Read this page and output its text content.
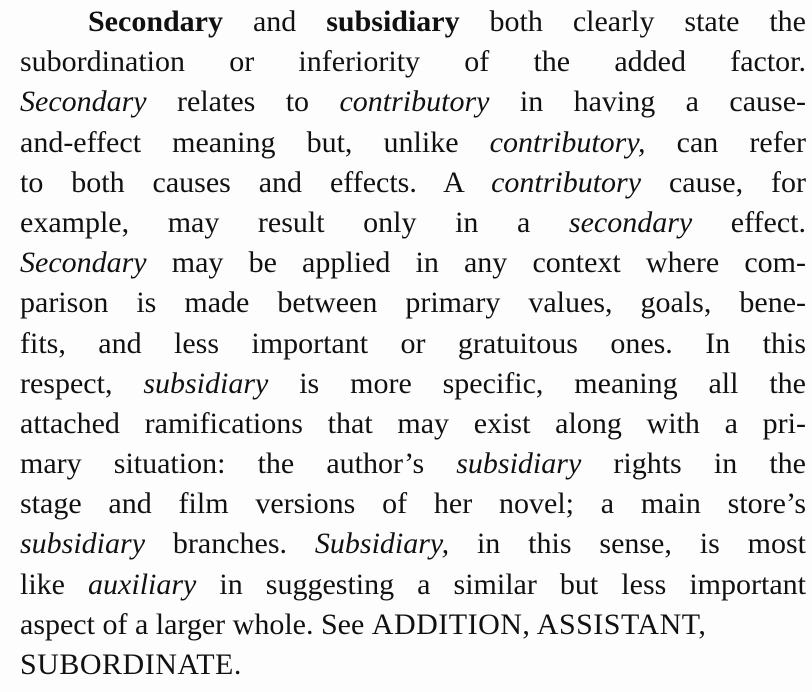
Secondary and subsidiary both clearly state the
subordination or inferiority of the added factor.
Secondary relates to contributory in having a cause-
and-effect meaning but, unlike contributory, can refer
to both causes and effects. A contributory cause, for
example, may result only in a secondary effect.
Secondary may be applied in any context where com-
parison is made between primary values, goals, bene-
fits, and less important or gratuitous ones. In this
respect, subsidiary is more specific, meaning all the
attached ramifications that may exist along with a pri-
mary situation: the author’s subsidiary rights in the
stage and film versions of her novel; a main store’s
subsidiary branches. Subsidiary, in this sense, is most
like auxiliary in suggesting a similar but less important
aspect of a larger whole. See ADDITION, ASSISTANT,
SUBORDINATE.
